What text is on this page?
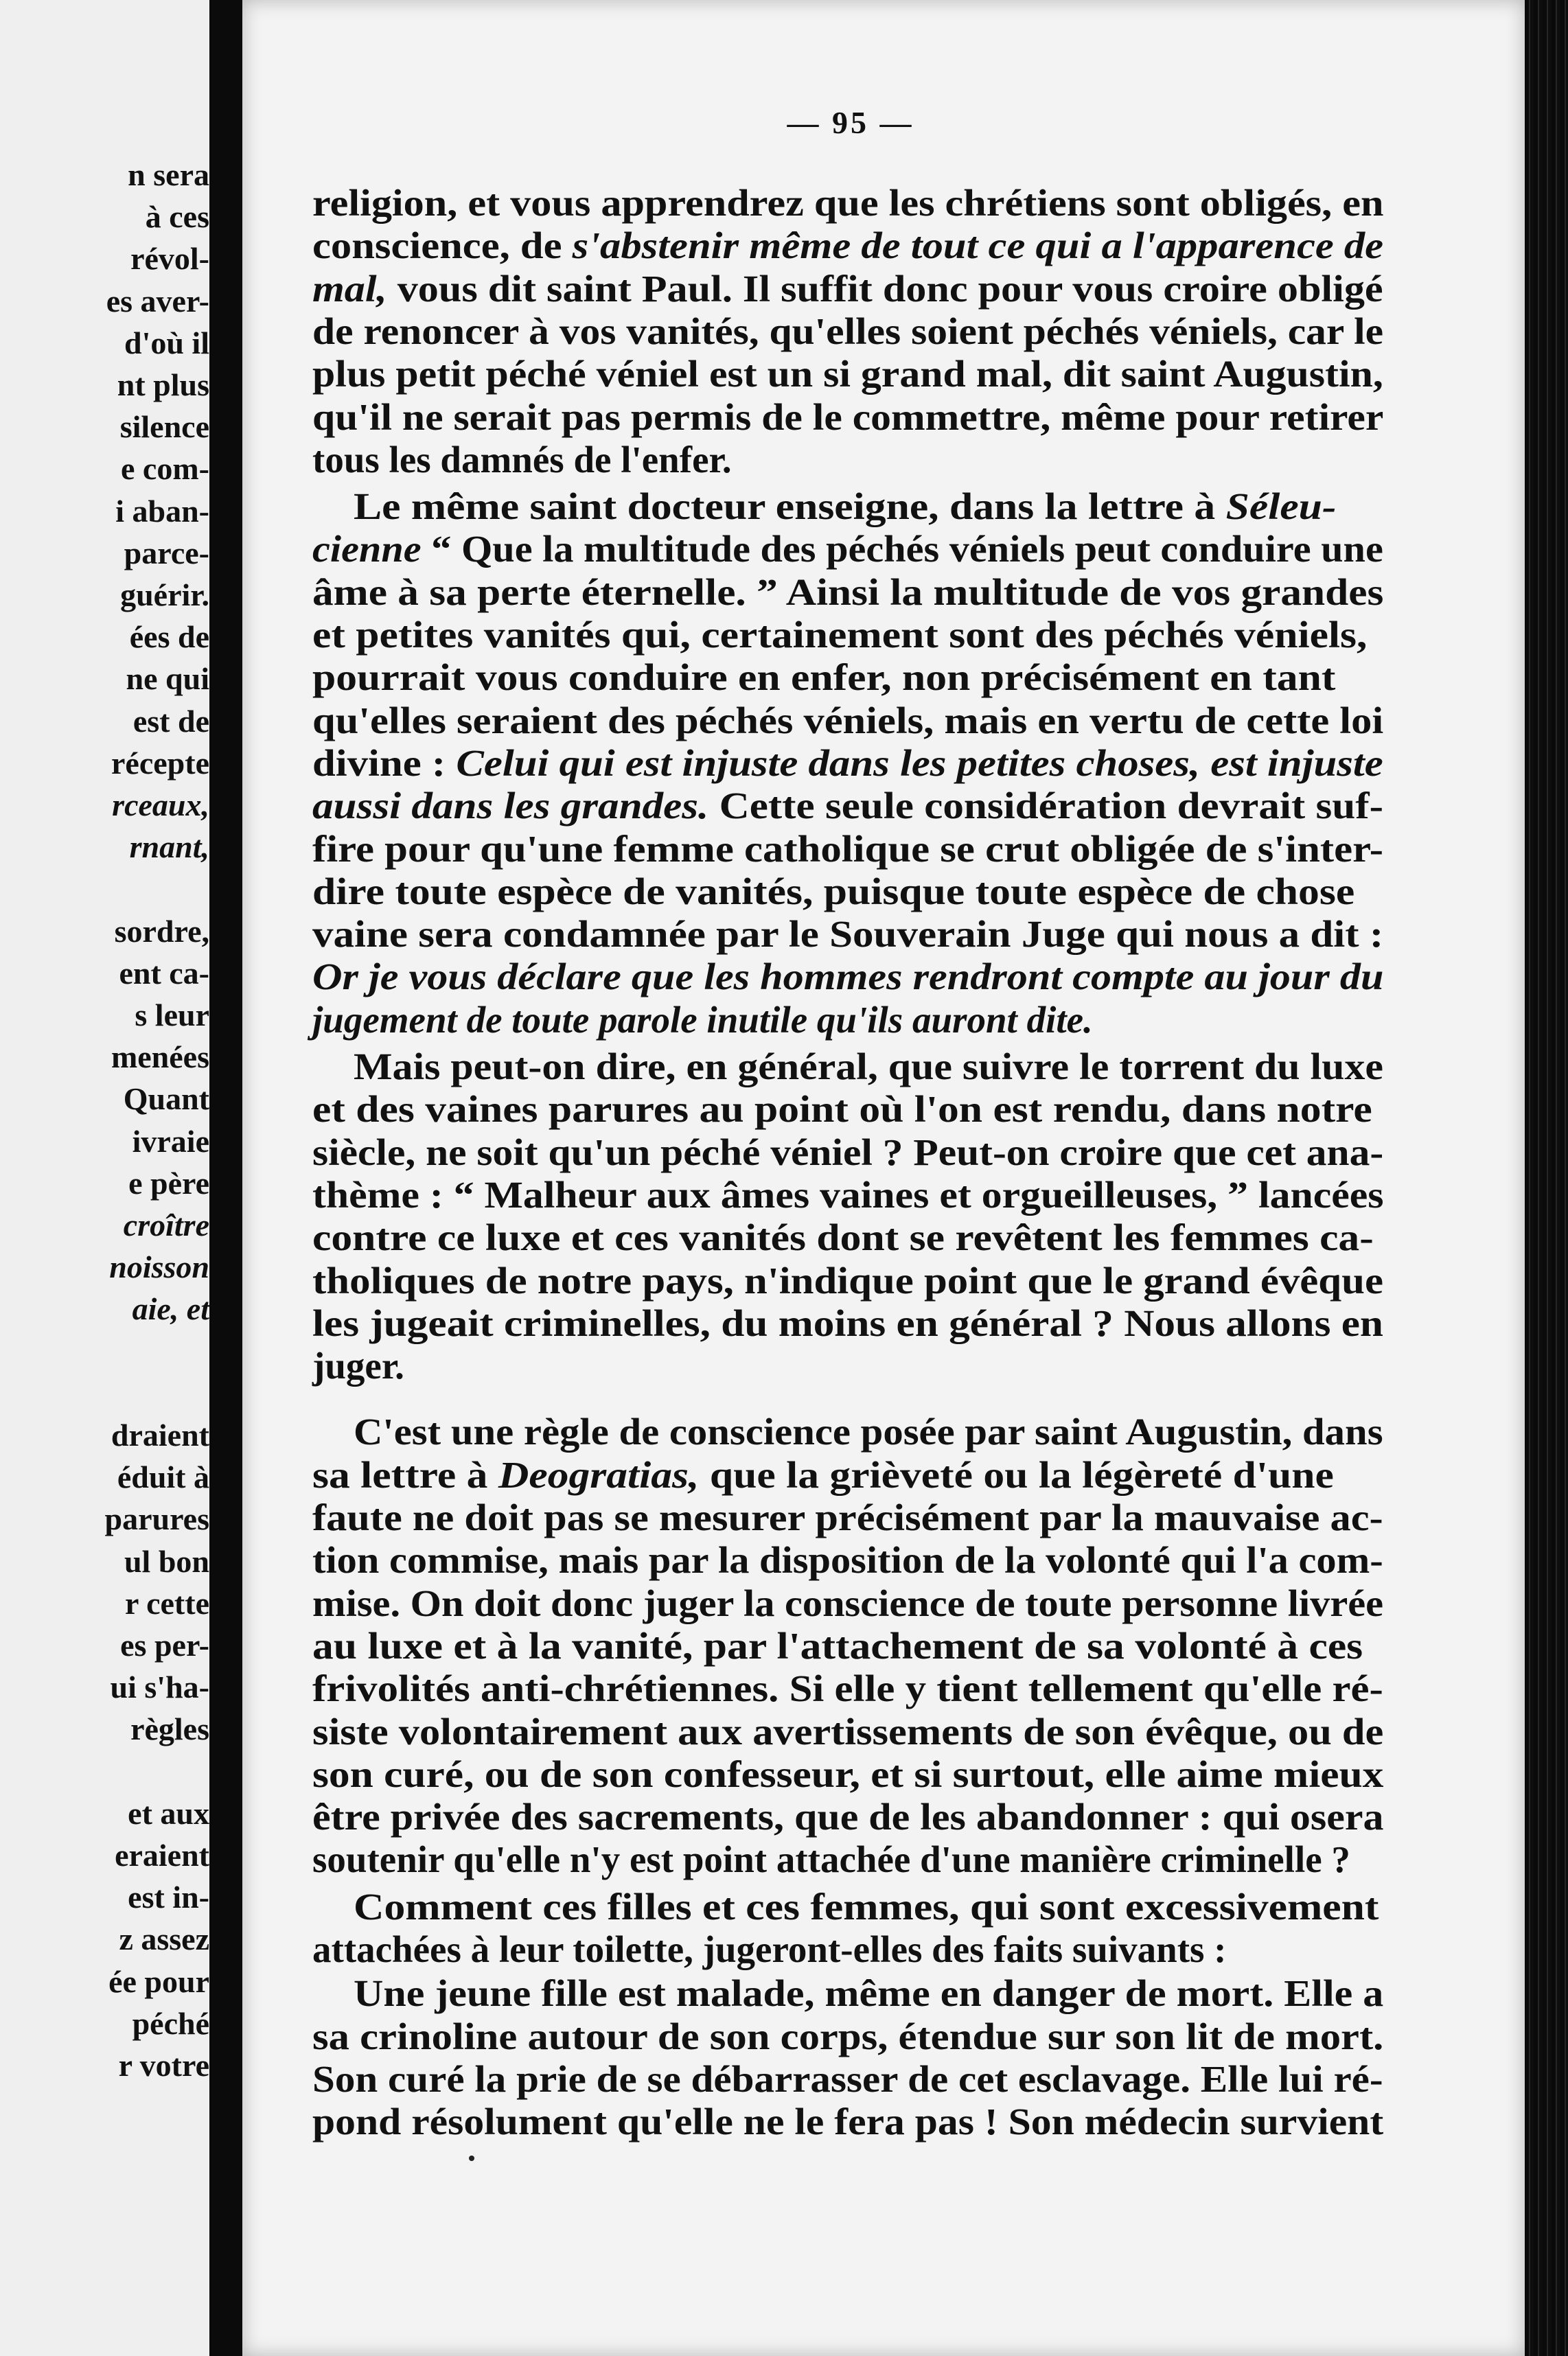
n sera
à ces
révol-
es aver-
d'où il
nt plus
silence
e com-
i aban-
parce-
guérir.
ées de
ne qui
est de
récepte
rceaux,
rnant,
sordre,
ent ca-
s leur
menées
Quant
ivraie
e père
croître
noisson
aie, et
draient
éduit à
parures
ul bon
r cette
es per-
ui s'ha-
règles
et aux
eraient
est in-
z assez
ée pour
péché
r votre
— 95 —
religion, et vous apprendrez que les chrétiens sont obligés, en
conscience, de s'abstenir même de tout ce qui a l'apparence de
mal, vous dit saint Paul. Il suffit donc pour vous croire obligé
de renoncer à vos vanités, qu'elles soient péchés véniels, car le
plus petit péché véniel est un si grand mal, dit saint Augustin,
qu'il ne serait pas permis de le commettre, même pour retirer
tous les damnés de l'enfer.
Le même saint docteur enseigne, dans la lettre à Séleu-
cienne “ Que la multitude des péchés véniels peut conduire une
âme à sa perte éternelle. ” Ainsi la multitude de vos grandes
et petites vanités qui, certainement sont des péchés véniels,
pourrait vous conduire en enfer, non précisément en tant
qu'elles seraient des péchés véniels, mais en vertu de cette loi
divine : Celui qui est injuste dans les petites choses, est injuste
aussi dans les grandes. Cette seule considération devrait suf-
fire pour qu'une femme catholique se crut obligée de s'inter-
dire toute espèce de vanités, puisque toute espèce de chose
vaine sera condamnée par le Souverain Juge qui nous a dit :
Or je vous déclare que les hommes rendront compte au jour du
jugement de toute parole inutile qu'ils auront dite.
Mais peut-on dire, en général, que suivre le torrent du luxe
et des vaines parures au point où l'on est rendu, dans notre
siècle, ne soit qu'un péché véniel ? Peut-on croire que cet ana-
thème : “ Malheur aux âmes vaines et orgueilleuses, ” lancées
contre ce luxe et ces vanités dont se revêtent les femmes ca-
tholiques de notre pays, n'indique point que le grand évêque
les jugeait criminelles, du moins en général ? Nous allons en
juger.
C'est une règle de conscience posée par saint Augustin, dans
sa lettre à Deogratias, que la grièveté ou la légèreté d'une
faute ne doit pas se mesurer précisément par la mauvaise ac-
tion commise, mais par la disposition de la volonté qui l'a com-
mise. On doit donc juger la conscience de toute personne livrée
au luxe et à la vanité, par l'attachement de sa volonté à ces
frivolités anti-chrétiennes. Si elle y tient tellement qu'elle ré-
siste volontairement aux avertissements de son évêque, ou de
son curé, ou de son confesseur, et si surtout, elle aime mieux
être privée des sacrements, que de les abandonner : qui osera
soutenir qu'elle n'y est point attachée d'une manière criminelle ?
Comment ces filles et ces femmes, qui sont excessivement
attachées à leur toilette, jugeront-elles des faits suivants :
Une jeune fille est malade, même en danger de mort. Elle a
sa crinoline autour de son corps, étendue sur son lit de mort.
Son curé la prie de se débarrasser de cet esclavage. Elle lui ré-
pond résolument qu'elle ne le fera pas ! Son médecin survient
